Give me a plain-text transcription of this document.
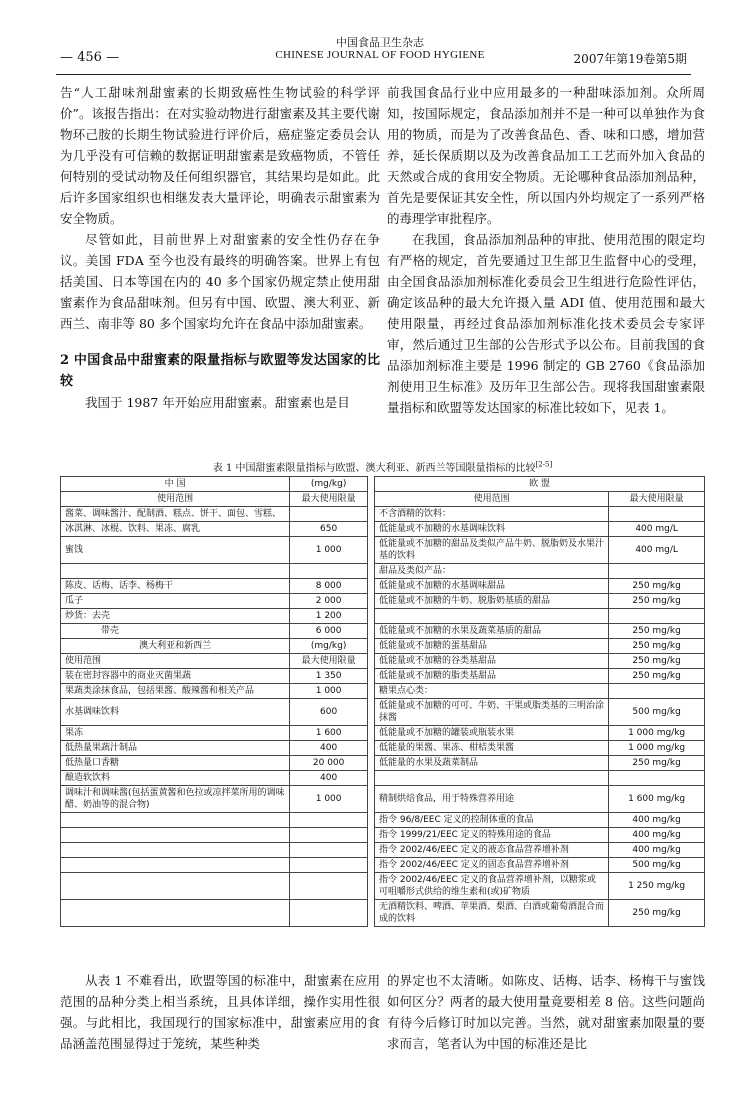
— 456 —
中国食品卫生杂志
CHINESE JOURNAL OF FOOD HYGIENE	2007年第19卷第5期

告“人工甜味剂甜蜜素的长期致癌性生物试验的科学评价”。该报告指出：在对实验动物进行甜蜜素及其主要代谢物环己胺的长期生物试验进行评价后，癌症鉴定委员会认为几乎没有可信赖的数据证明甜蜜素是致癌物质，不管任何特别的受试动物及任何组织器官，其结果均是如此。此后许多国家组织也相继发表大量评论，明确表示甜蜜素为安全物质。

尽管如此，目前世界上对甜蜜素的安全性仍存在争议。美国 FDA 至今也没有最终的明确答案。世界上有包括美国、日本等国在内的 40 多个国家仍规定禁止使用甜蜜素作为食品甜味剂。但另有中国、欧盟、澳大利亚、新西兰、南非等 80 多个国家均允许在食品中添加甜蜜素。

2 中国食品中甜蜜素的限量指标与欧盟等发达国家的比较

我国于 1987 年开始应用甜蜜素。甜蜜素也是目

前我国食品行业中应用最多的一种甜味添加剂。众所周知，按国际规定，食品添加剂并不是一种可以单独作为食用的物质，而是为了改善食品色、香、味和口感，增加营养，延长保质期以及为改善食品加工工艺而外加入食品的天然或合成的食用安全物质。无论哪种食品添加剂品种，首先是要保证其安全性，所以国内外均规定了一系列严格的毒理学审批程序。

在我国，食品添加剂品种的审批、使用范围的限定均有严格的规定，首先要通过卫生部卫生监督中心的受理，由全国食品添加剂标准化委员会卫生组进行危险性评估，确定该品种的最大允许摄入量 ADI 值、使用范围和最大使用限量，再经过食品添加剂标准化技术委员会专家评审，然后通过卫生部的公告形式予以公布。目前我国的食品添加剂标准主要是 1996 制定的 GB 2760《食品添加剂使用卫生标准》及历年卫生部公告。现将我国甜蜜素限量指标和欧盟等发达国家的标准比较如下，见表 1。

表 1 中国甜蜜素限量指标与欧盟、澳大利亚、新西兰等国限量指标的比较[2-5]
中 国	(mg/kg)		欧 盟	
使用范围	最大使用限量		使用范围	最大使用限量
酱菜、调味酱汁、配制酒、糕点、饼干、面包、雪糕、			不含酒精的饮料：	
冰淇淋、冰棍、饮料、果冻、腐乳	650		低能量或不加糖的水基调味饮料	400 mg/L
蜜饯	1 000		低能量或不加糖的甜品及类似产品牛奶、脱脂奶及水果汁基的饮料	400 mg/L
			甜品及类似产品：	
陈皮、话梅、话李、杨梅干	8 000		低能量或不加糖的水基调味甜品	250 mg/kg
瓜子	2 000		低能量或不加糖的牛奶、脱脂奶基质的甜品	250 mg/kg
炒货：去壳	1 200			
带壳	6 000		低能量或不加糖的水果及蔬菜基质的甜品	250 mg/kg
澳大利亚和新西兰	(mg/kg)		低能量或不加糖的蛋基甜品	250 mg/kg
使用范围	最大使用限量		低能量或不加糖的谷类基甜品	250 mg/kg
装在密封容器中的商业灭菌果蔬	1 350		低能量或不加糖的脂类基甜品	250 mg/kg
果蔬类涂抹食品，包括果酱、酸辣酱和相关产品	1 000		糖果点心类：	
水基调味饮料	600		低能量或不加糖的可可、牛奶、干果或脂类基的三明治涂抹酱	500 mg/kg
果冻	1 600		低能量或不加糖的罐装或瓶装水果	1 000 mg/kg
低热量果蔬汁制品	400		低能量的果酱、果冻、柑桔类果酱	1 000 mg/kg
低热量口香糖	20 000		低能量的水果及蔬菜制品	250 mg/kg
酿造软饮料	400			
调味汁和调味酱(包括蛋黄酱和色拉或凉拌菜所用的调味醋、奶油等的混合物)	1 000		精制烘焙食品，用于特殊营养用途	1 600 mg/kg
			指令 96/8/EEC 定义的控制体重的食品	400 mg/kg
			指令 1999/21/EEC 定义的特殊用途的食品	400 mg/kg
			指令 2002/46/EEC 定义的液态食品营养增补剂	400 mg/kg
			指令 2002/46/EEC 定义的固态食品营养增补剂	500 mg/kg
			指令 2002/46/EEC 定义的食品营养增补剂，以糖浆或可咀嚼形式供给的维生素和(或)矿物质	1 250 mg/kg
			无酒精饮料、啤酒、苹果酒、梨酒、白酒或葡萄酒混合而成的饮料	250 mg/kg

从表 1 不难看出，欧盟等国的标准中，甜蜜素在应用范围的品种分类上相当系统，且具体详细，操作实用性很强。与此相比，我国现行的国家标准中，甜蜜素应用的食品涵盖范围显得过于笼统，某些种类

的界定也不太清晰。如陈皮、话梅、话李、杨梅干与蜜饯如何区分？两者的最大使用量竟要相差 8 倍。这些问题尚有待今后修订时加以完善。当然，就对甜蜜素加限量的要求而言，笔者认为中国的标准还是比
